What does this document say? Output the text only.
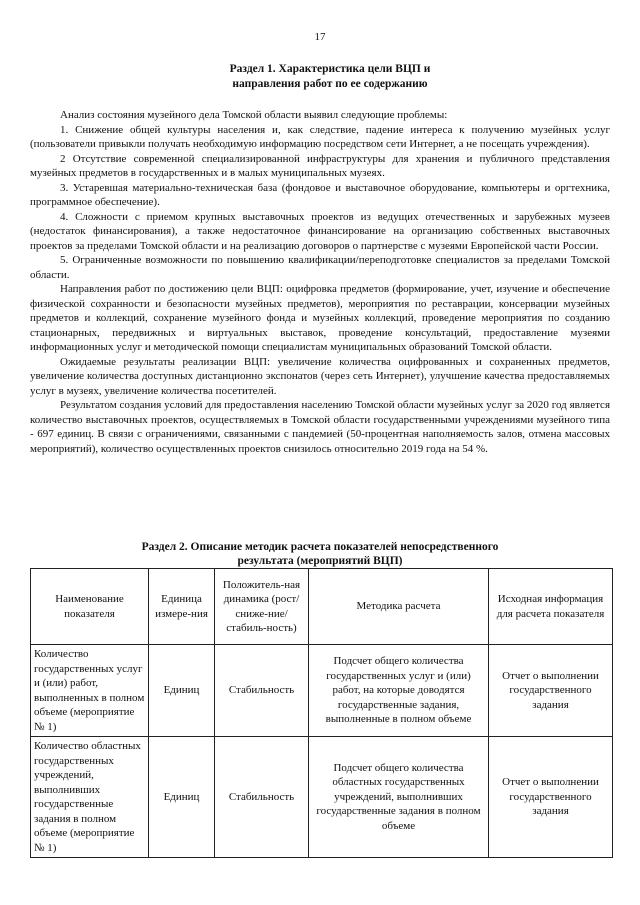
17
Раздел 1. Характеристика цели ВЦП и
направления работ по ее содержанию

Анализ состояния музейного дела Томской области выявил следующие проблемы:

1. Снижение общей культуры населения и, как следствие, падение интереса к получению музейных услуг (пользователи привыкли получать необходимую информацию посредством сети Интернет, а не посещать учреждения).

2 Отсутствие современной специализированной инфраструктуры для хранения и публичного представления музейных предметов в государственных и в малых муниципальных музеях.

3. Устаревшая материально-техническая база (фондовое и выставочное оборудование, компьютеры и оргтехника, программное обеспечение).

4. Сложности с приемом крупных выставочных проектов из ведущих отечественных и зарубежных музеев (недостаток финансирования), а также недостаточное финансирование на организацию собственных выставочных проектов за пределами Томской области и на реализацию договоров о партнерстве с музеями Европейской части России.

5. Ограниченные возможности по повышению квалификации/переподготовке специалистов за пределами Томской области.

Направления работ по достижению цели ВЦП: оцифровка предметов (формирование, учет, изучение и обеспечение физической сохранности и безопасности музейных предметов), мероприятия по реставрации, консервации музейных предметов и коллекций, сохранение музейного фонда и музейных коллекций, проведение мероприятия по созданию стационарных, передвижных и виртуальных выставок, проведение консультаций, предоставление музеями информационных услуг и методической помощи специалистам муниципальных образований Томской области.

Ожидаемые результаты реализации ВЦП: увеличение количества оцифрованных и сохраненных предметов, увеличение количества доступных дистанционно экспонатов (через сеть Интернет), улучшение качества предоставляемых услуг в музеях, увеличение количества посетителей.

Результатом создания условий для предоставления населению Томской области музейных услуг за 2020 год является количество выставочных проектов, осуществляемых в Томской области государственными учреждениями музейного типа - 697 единиц. В связи с ограничениями, связанными с пандемией (50-процентная наполняемость залов, отмена массовых мероприятий), количество осуществленных проектов снизилось относительно 2019 года на 54 %.

Раздел 2. Описание методик расчета показателей непосредственного
результата (мероприятий ВЦП)
Наименование показателя	Единица измере-ния	Положитель-ная динамика (рост/сниже-ние/стабиль-ность)	Методика расчета	Исходная информация для расчета показателя
Количество государственных услуг и (или) работ, выполненных в полном объеме (мероприятие № 1)	Единиц	Стабильность	Подсчет общего количества государственных услуг и (или) работ, на которые доводятся государственные задания, выполненные в полном объеме	Отчет о выполнении государственного задания
Количество областных государственных учреждений, выполнивших государственные задания в полном объеме (мероприятие № 1)	Единиц	Стабильность	Подсчет общего количества областных государственных учреждений, выполнивших государственные задания в полном объеме	Отчет о выполнении государственного задания
